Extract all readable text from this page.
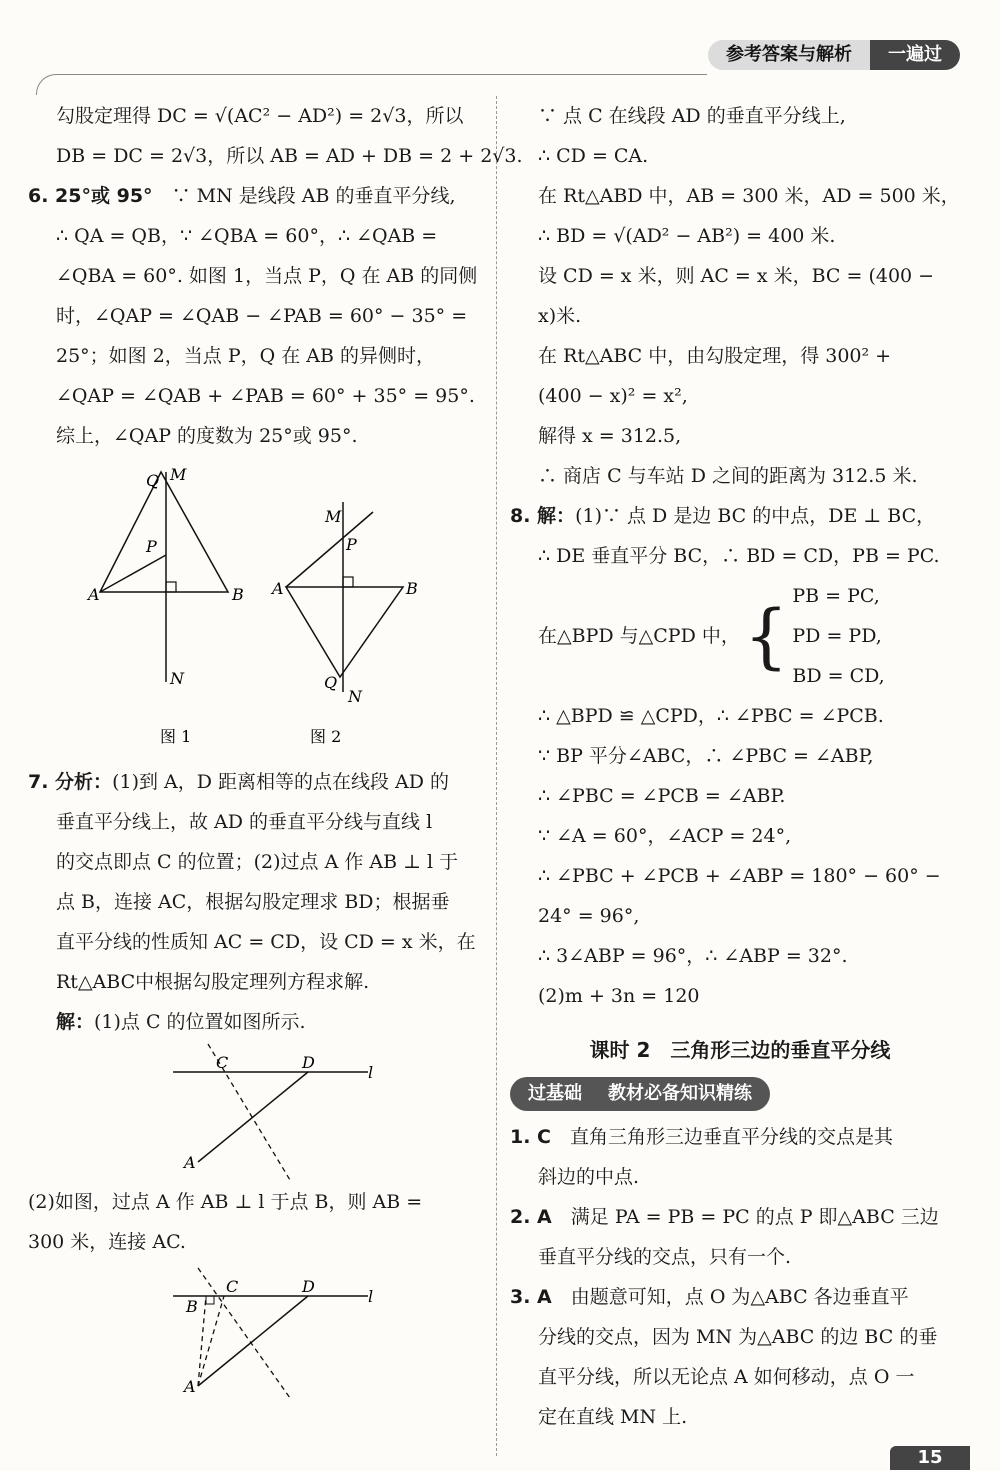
参考答案与解析	一遍过
勾股定理得 DC = √(AC² − AD²) = 2√3，所以
DB = DC = 2√3，所以 AB = AD + DB = 2 + 2√3.
6. 25°或 95°　 ∵ MN 是线段 AB 的垂直平分线,
∴ QA = QB，∵ ∠QBA = 60°，∴ ∠QAB =
∠QBA = 60°. 如图 1，当点 P，Q 在 AB 的同侧
时，∠QAP = ∠QAB − ∠PAB = 60° − 35° =
25°；如图 2，当点 P，Q 在 AB 的异侧时，
∠QAP = ∠QAB + ∠PAB = 60° + 35° = 95°.
综上，∠QAP 的度数为 25°或 95°.
Q M
P
A	B
N
M
P
A	B
Q
N
图 1	图 2
7. 分析：(1)到 A，D 距离相等的点在线段 AD 的
垂直平分线上，故 AD 的垂直平分线与直线 l
的交点即点 C 的位置；(2)过点 A 作 AB ⊥ l 于
点 B，连接 AC，根据勾股定理求 BD；根据垂
直平分线的性质知 AC = CD，设 CD = x 米，在
Rt△ABC中根据勾股定理列方程求解.
解：(1)点 C 的位置如图所示.
C	D
l
A
(2)如图，过点 A 作 AB ⊥ l 于点 B，则 AB =
300 米，连接 AC.
C
B
D
l
A
∵ 点 C 在线段 AD 的垂直平分线上,
∴ CD = CA.
在 Rt△ABD 中，AB = 300 米，AD = 500 米，
∴ BD = √(AD² − AB²) = 400 米.
设 CD = x 米，则 AC = x 米，BC = (400 −
x)米.
在 Rt△ABC 中，由勾股定理，得 300² +
(400 − x)² = x²,
解得 x = 312.5,
∴ 商店 C 与车站 D 之间的距离为 312.5 米.
8. 解：(1)∵ 点 D 是边 BC 的中点，DE ⊥ BC，
∴ DE 垂直平分 BC，∴ BD = CD，PB = PC.
在△BPD 与△CPD 中， { PB = PC,
PD = PD,
BD = CD,
∴ △BPD ≌ △CPD，∴ ∠PBC = ∠PCB.
∵ BP 平分∠ABC，∴ ∠PBC = ∠ABP,
∴ ∠PBC = ∠PCB = ∠ABP.
∵ ∠A = 60°，∠ACP = 24°,
∴ ∠PBC + ∠PCB + ∠ABP = 180° − 60° −
24° = 96°,
∴ 3∠ABP = 96°，∴ ∠ABP = 32°.
(2)m + 3n = 120
课时 2　三角形三边的垂直平分线
过基础 教材必备知识精练
1. C　 直角三角形三边垂直平分线的交点是其
斜边的中点.
2. A　 满足 PA = PB = PC 的点 P 即△ABC 三边
垂直平分线的交点，只有一个.
3. A　 由题意可知，点 O 为△ABC 各边垂直平
分线的交点，因为 MN 为△ABC 的边 BC 的垂
直平分线，所以无论点 A 如何移动，点 O 一
定在直线 MN 上.
15
